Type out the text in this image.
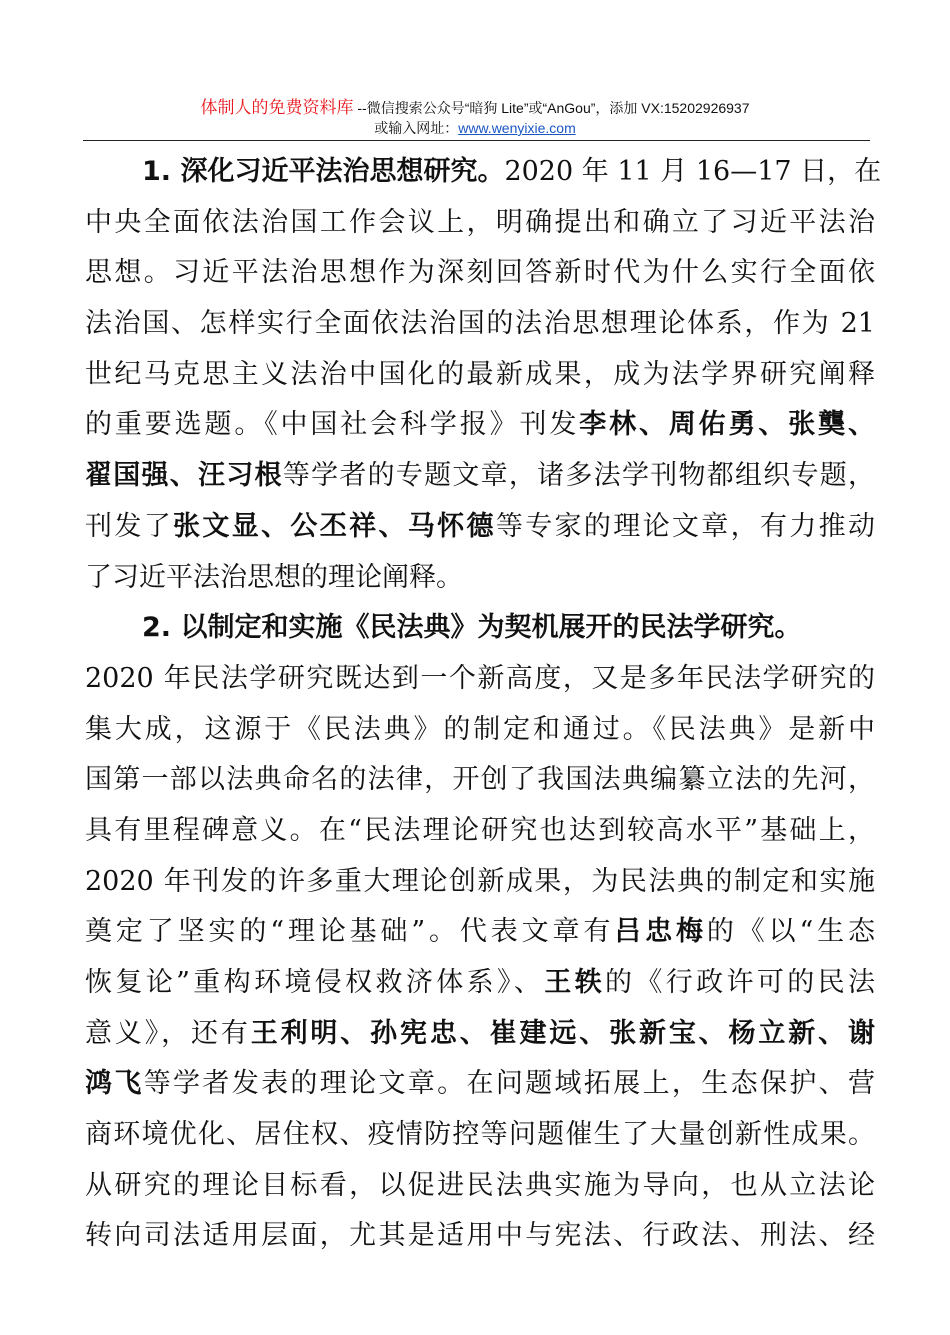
体制人的免费资料库 --微信搜索公众号“暗狗 Lite”或“AnGou”，添加 VX:15202926937
或输入网址：www.wenyixie.com
1. 深化习近平法治思想研究。2020 年 11 月 16—17 日，在
中央全面依法治国工作会议上，明确提出和确立了习近平法治
思想。习近平法治思想作为深刻回答新时代为什么实行全面依
法治国、怎样实行全面依法治国的法治思想理论体系，作为 21
世纪马克思主义法治中国化的最新成果，成为法学界研究阐释
的重要选题。《中国社会科学报》刊发李林、周佑勇、张龑、
翟国强、汪习根等学者的专题文章，诸多法学刊物都组织专题，
刊发了张文显、公丕祥、马怀德等专家的理论文章，有力推动
了习近平法治思想的理论阐释。
2. 以制定和实施《民法典》为契机展开的民法学研究。
2020 年民法学研究既达到一个新高度，又是多年民法学研究的
集大成，这源于《民法典》的制定和通过。《民法典》是新中
国第一部以法典命名的法律，开创了我国法典编纂立法的先河，
具有里程碑意义。在“民法理论研究也达到较高水平”基础上，
2020 年刊发的许多重大理论创新成果，为民法典的制定和实施
奠定了坚实的“理论基础”。代表文章有吕忠梅的《以“生态
恢复论”重构环境侵权救济体系》、王轶的《行政许可的民法
意义》，还有王利明、孙宪忠、崔建远、张新宝、杨立新、谢
鸿飞等学者发表的理论文章。在问题域拓展上，生态保护、营
商环境优化、居住权、疫情防控等问题催生了大量创新性成果。
从研究的理论目标看，以促进民法典实施为导向，也从立法论
转向司法适用层面，尤其是适用中与宪法、行政法、刑法、经
